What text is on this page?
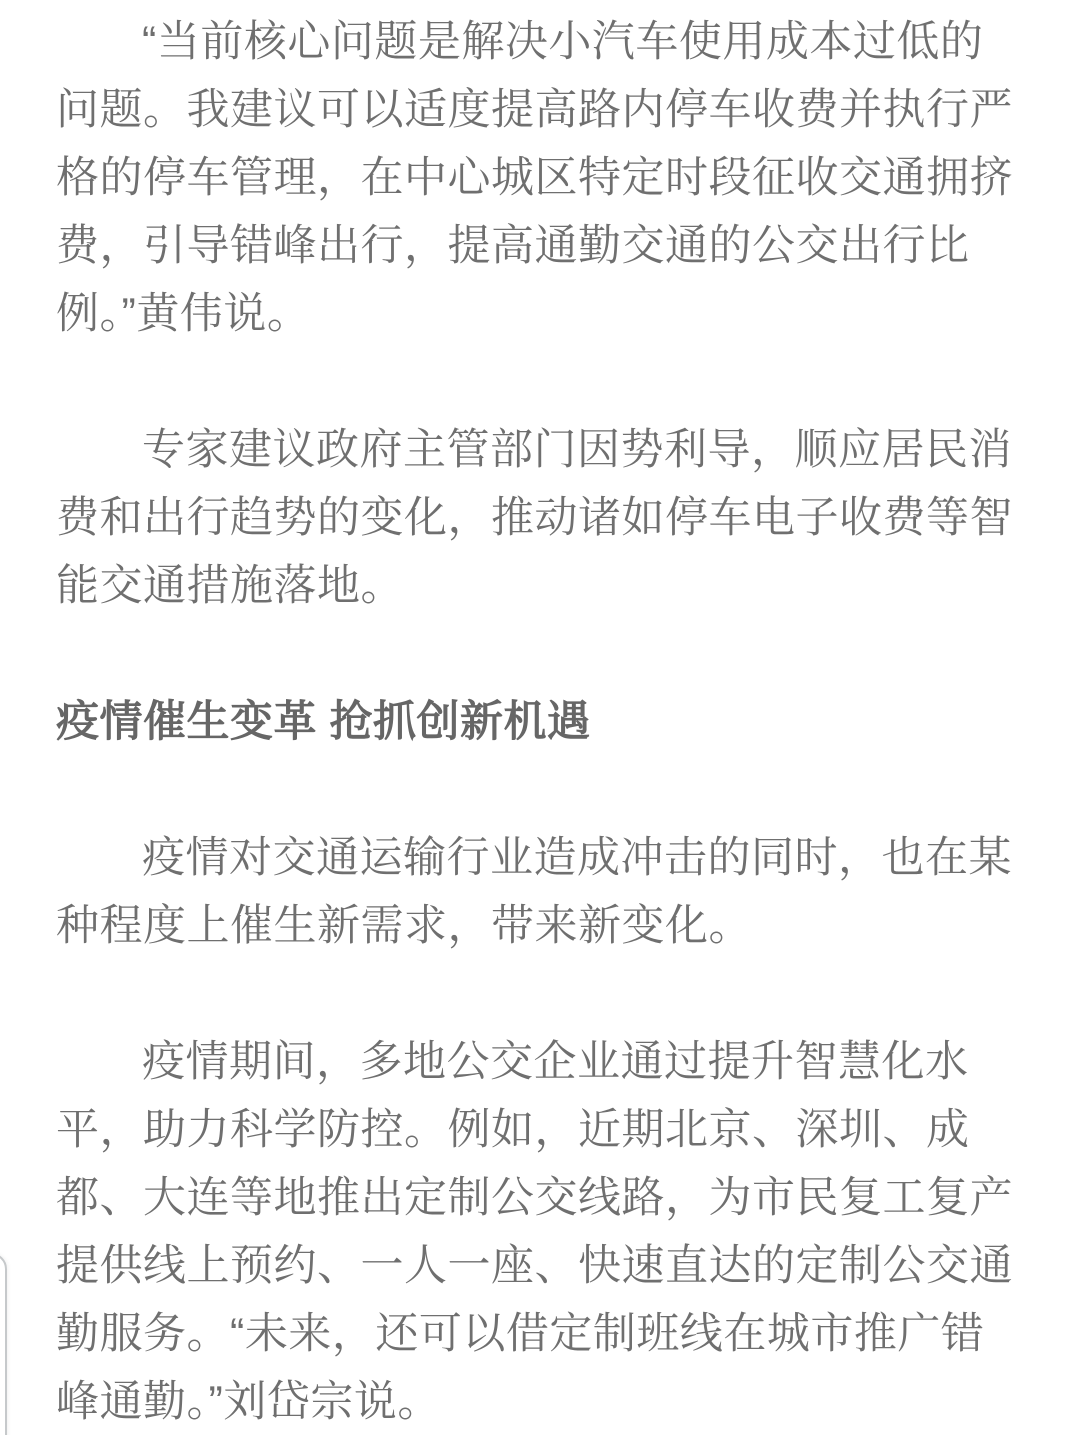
“当前核心问题是解决小汽车使用成本过低的问题。我建议可以适度提高路内停车收费并执行严格的停车管理，在中心城区特定时段征收交通拥挤费，引导错峰出行，提高通勤交通的公交出行比例。”黄伟说。

专家建议政府主管部门因势利导，顺应居民消费和出行趋势的变化，推动诸如停车电子收费等智能交通措施落地。

疫情催生变革 抢抓创新机遇

疫情对交通运输行业造成冲击的同时，也在某种程度上催生新需求，带来新变化。

疫情期间，多地公交企业通过提升智慧化水平，助力科学防控。例如，近期北京、深圳、成都、大连等地推出定制公交线路，为市民复工复产提供线上预约、一人一座、快速直达的定制公交通勤服务。“未来，还可以借定制班线在城市推广错峰通勤。”刘岱宗说。
